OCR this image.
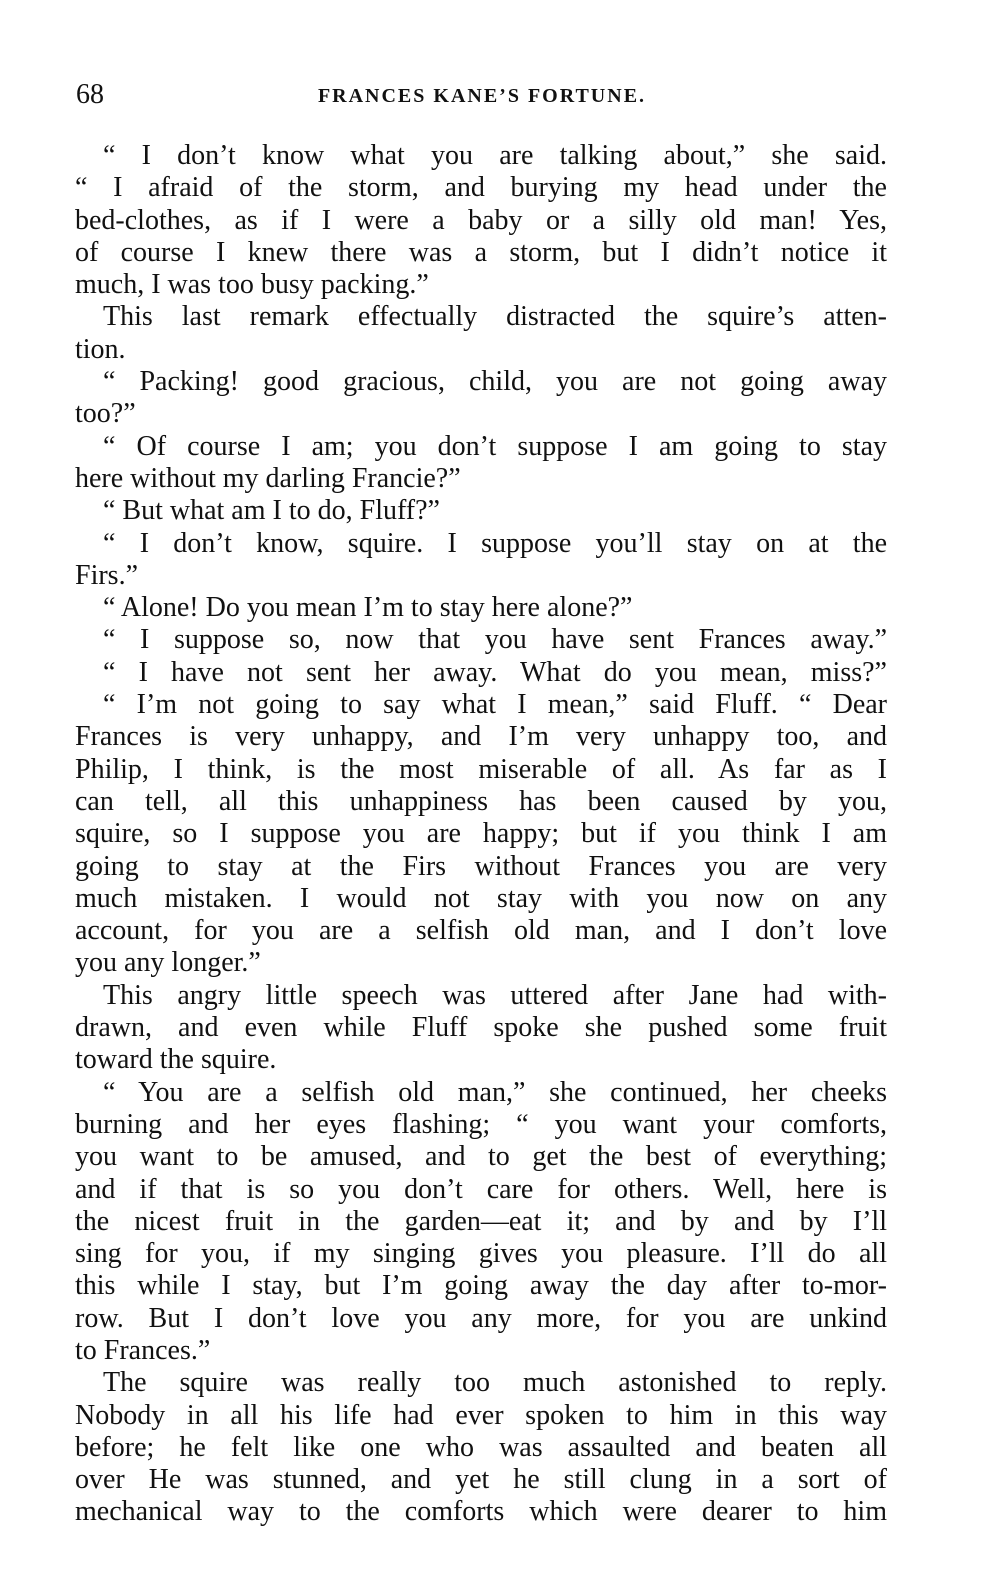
68	FRANCES KANE’S FORTUNE.
“ I don’t know what you are talking about,” she said.
“ I afraid of the storm, and burying my head under the
bed-clothes, as if I were a baby or a silly old man! Yes,
of course I knew there was a storm, but I didn’t notice it
much, I was too busy packing.”
This last remark effectually distracted the squire’s atten-
tion.
“ Packing! good gracious, child, you are not going away
too?”
“ Of course I am; you don’t suppose I am going to stay
here without my darling Francie?”
“ But what am I to do, Fluff?”
“ I don’t know, squire. I suppose you’ll stay on at the
Firs.”
“ Alone! Do you mean I’m to stay here alone?”
“ I suppose so, now that you have sent Frances away.”
“ I have not sent her away. What do you mean, miss?”
“ I’m not going to say what I mean,” said Fluff. “ Dear
Frances is very unhappy, and I’m very unhappy too, and
Philip, I think, is the most miserable of all. As far as I
can tell, all this unhappiness has been caused by you,
squire, so I suppose you are happy; but if you think I am
going to stay at the Firs without Frances you are very
much mistaken. I would not stay with you now on any
account, for you are a selfish old man, and I don’t love
you any longer.”
This angry little speech was uttered after Jane had with-
drawn, and even while Fluff spoke she pushed some fruit
toward the squire.
“ You are a selfish old man,” she continued, her cheeks
burning and her eyes flashing; “ you want your comforts,
you want to be amused, and to get the best of everything;
and if that is so you don’t care for others. Well, here is
the nicest fruit in the garden—eat it; and by and by I’ll
sing for you, if my singing gives you pleasure. I’ll do all
this while I stay, but I’m going away the day after to-mor-
row. But I don’t love you any more, for you are unkind
to Frances.”
The squire was really too much astonished to reply.
Nobody in all his life had ever spoken to him in this way
before; he felt like one who was assaulted and beaten all
over He was stunned, and yet he still clung in a sort of
mechanical way to the comforts which were dearer to him
